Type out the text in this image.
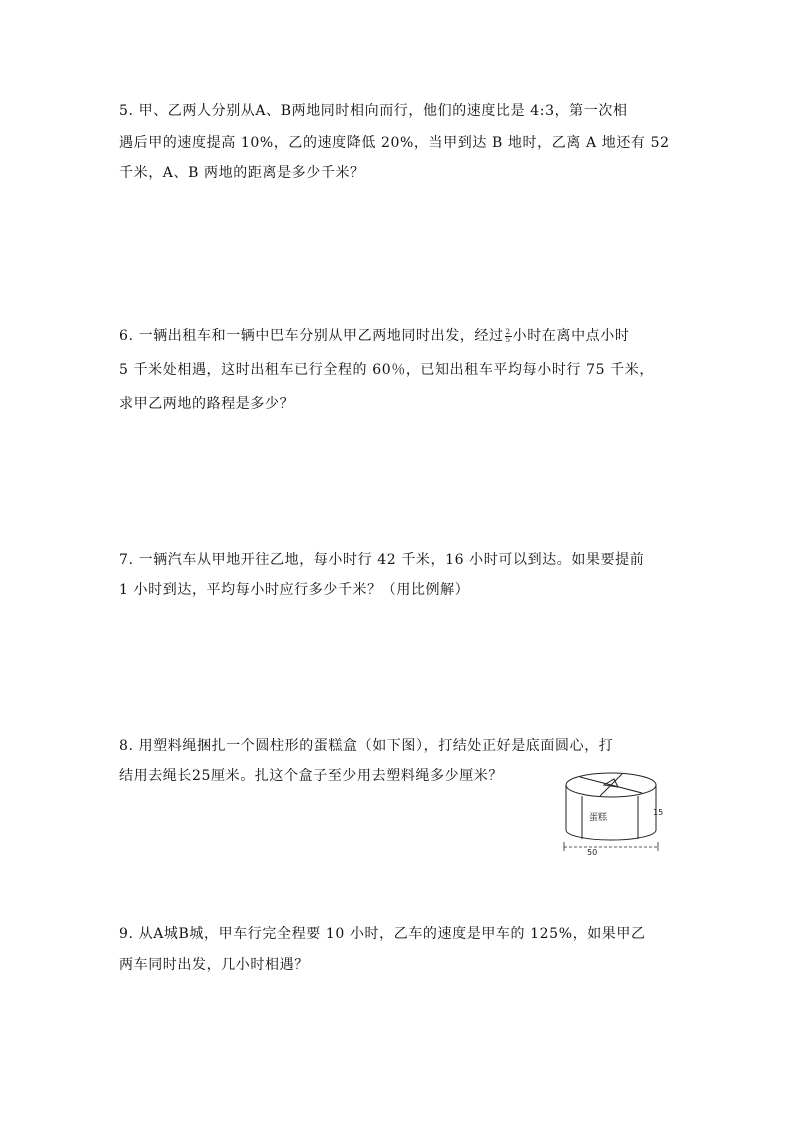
5. 甲、乙两人分别从A、B两地同时相向而行，他们的速度比是 4:3，第一次相

遇后甲的速度提高 10%，乙的速度降低 20%，当甲到达 B 地时，乙离 A 地还有 52

千米，A、B 两地的距离是多少千米？

6. 一辆出租车和一辆中巴车分别从甲乙两地同时出发，经过 $\frac{2}{5}$ 小时在离中点小时

5 千米处相遇，这时出租车已行全程的 60％，已知出租车平均每小时行 75 千米，

求甲乙两地的路程是多少？

7. 一辆汽车从甲地开往乙地，每小时行 42 千米，16 小时可以到达。如果要提前

1 小时到达，平均每小时应行多少千米？（用比例解）

8. 用塑料绳捆扎一个圆柱形的蛋糕盒（如下图），打结处正好是底面圆心，打

结用去绳长25厘米。扎这个盒子至少用去塑料绳多少厘米？

蛋糕
15
50

9. 从A城B城，甲车行完全程要 10 小时，乙车的速度是甲车的 125%，如果甲乙

两车同时出发，几小时相遇？
